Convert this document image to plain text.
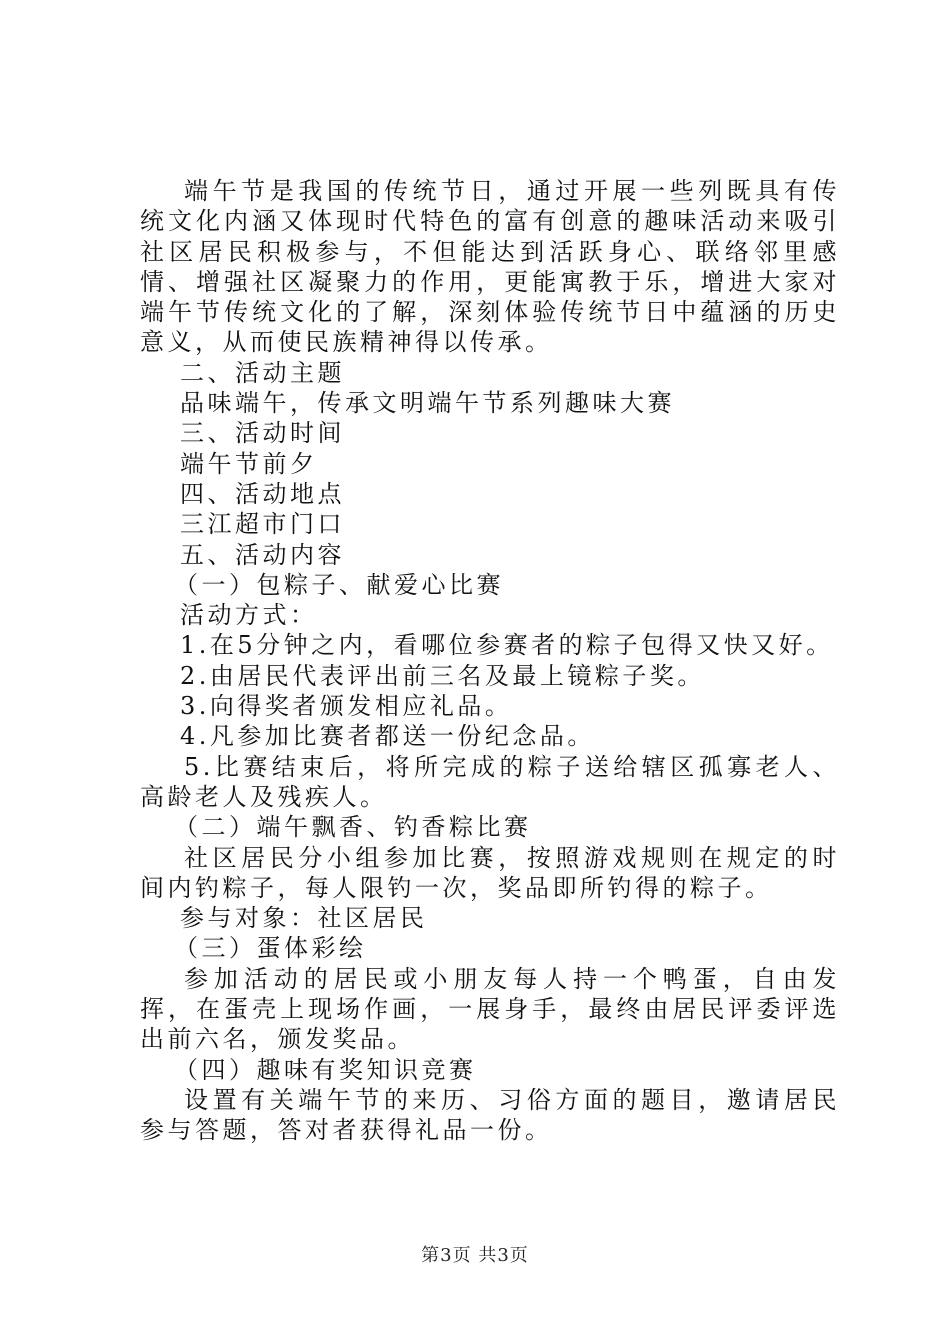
端午节是我国的传统节日，通过开展一些列既具有传统文化内涵又体现时代特色的富有创意的趣味活动来吸引社区居民积极参与，不但能达到活跃身心、联络邻里感情、增强社区凝聚力的作用，更能寓教于乐，增进大家对端午节传统文化的了解，深刻体验传统节日中蕴涵的历史意义，从而使民族精神得以传承。

二、活动主题

品味端午，传承文明端午节系列趣味大赛

三、活动时间

端午节前夕

四、活动地点

三江超市门口

五、活动内容

（一）包粽子、献爱心比赛

活动方式：

1.在5分钟之内，看哪位参赛者的粽子包得又快又好。

2.由居民代表评出前三名及最上镜粽子奖。

3.向得奖者颁发相应礼品。

4.凡参加比赛者都送一份纪念品。

5.比赛结束后，将所完成的粽子送给辖区孤寡老人、高龄老人及残疾人。

（二）端午飘香、钓香粽比赛

社区居民分小组参加比赛，按照游戏规则在规定的时间内钓粽子，每人限钓一次，奖品即所钓得的粽子。

参与对象：社区居民

（三）蛋体彩绘

参加活动的居民或小朋友每人持一个鸭蛋，自由发挥，在蛋壳上现场作画，一展身手，最终由居民评委评选出前六名，颁发奖品。

（四）趣味有奖知识竞赛

设置有关端午节的来历、习俗方面的题目，邀请居民参与答题，答对者获得礼品一份。

第3页 共3页
